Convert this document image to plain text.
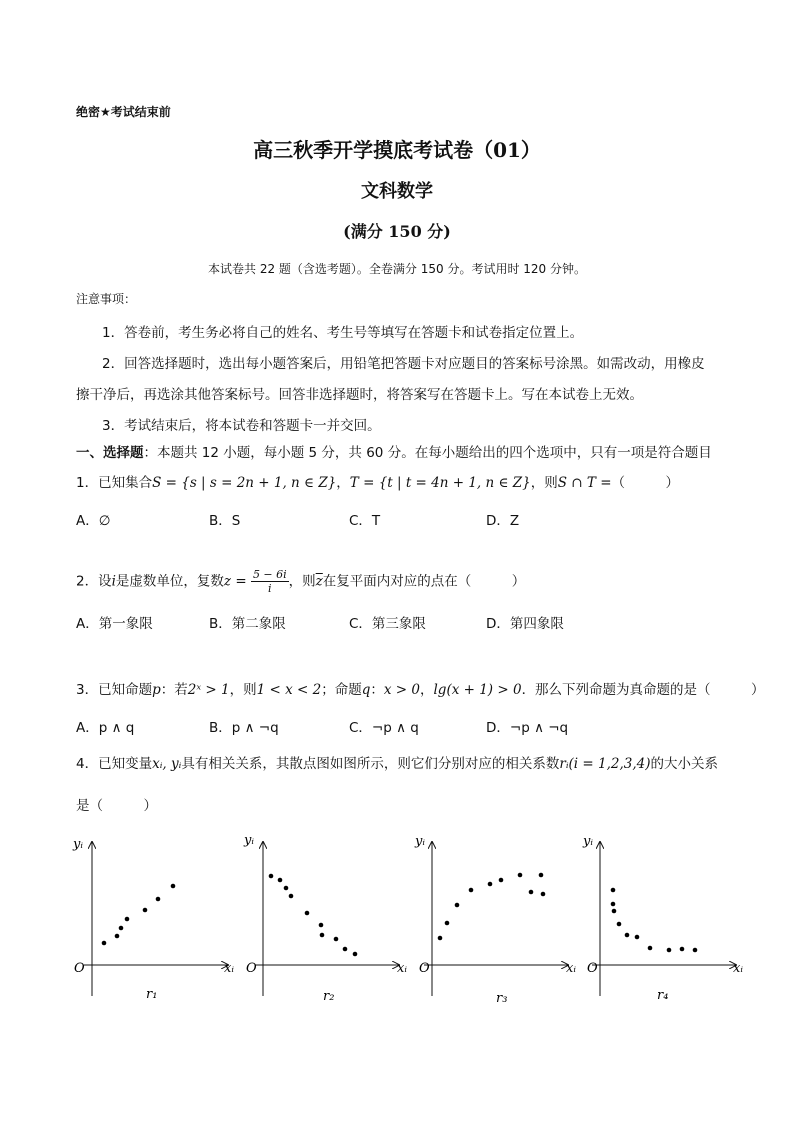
绝密★考试结束前
高三秋季开学摸底考试卷（01）
文科数学
(满分 150 分)
本试卷共 22 题（含选考题）。全卷满分 150 分。考试用时 120 分钟。
注意事项：
1．答卷前，考生务必将自己的姓名、考生号等填写在答题卡和试卷指定位置上。
2．回答选择题时，选出每小题答案后，用铅笔把答题卡对应题目的答案标号涂黑。如需改动，用橡皮
擦干净后，再选涂其他答案标号。回答非选择题时，将答案写在答题卡上。写在本试卷上无效。
3．考试结束后，将本试卷和答题卡一并交回。
一、选择题：本题共 12 小题，每小题 5 分，共 60 分。在每小题给出的四个选项中，只有一项是符合题目
1．已知集合S = {s | s = 2n + 1, n ∈ Z}，T = {t | t = 4n + 1, n ∈ Z}，则S ∩ T =（　　　）
A．∅	B．S	C．T	D．Z
2．设i是虚数单位，复数$z = \frac{5 - 6i}{i}$ ，则$\overline{z}$在复平面内对应的点在（　　　）
A．第一象限	B．第二象限	C．第三象限	D．第四象限
3．已知命题p：若2ˣ > 1，则1 < x < 2；命题q：x > 0，lg(x + 1) > 0．那么下列命题为真命题的是（　　　）
A．p ∧ q	B．p ∧ ¬q	C．¬p ∧ q	D．¬p ∧ ¬q
4．已知变量xᵢ, yᵢ具有相关关系，其散点图如图所示，则它们分别对应的相关系数rᵢ(i = 1,2,3,4)的大小关系
是（　　　）
yᵢ
O	xᵢ
r₁
yᵢ
O	xᵢ
r₂
yᵢ
O	xᵢ
r₃
yᵢ
O	xᵢ
r₄
